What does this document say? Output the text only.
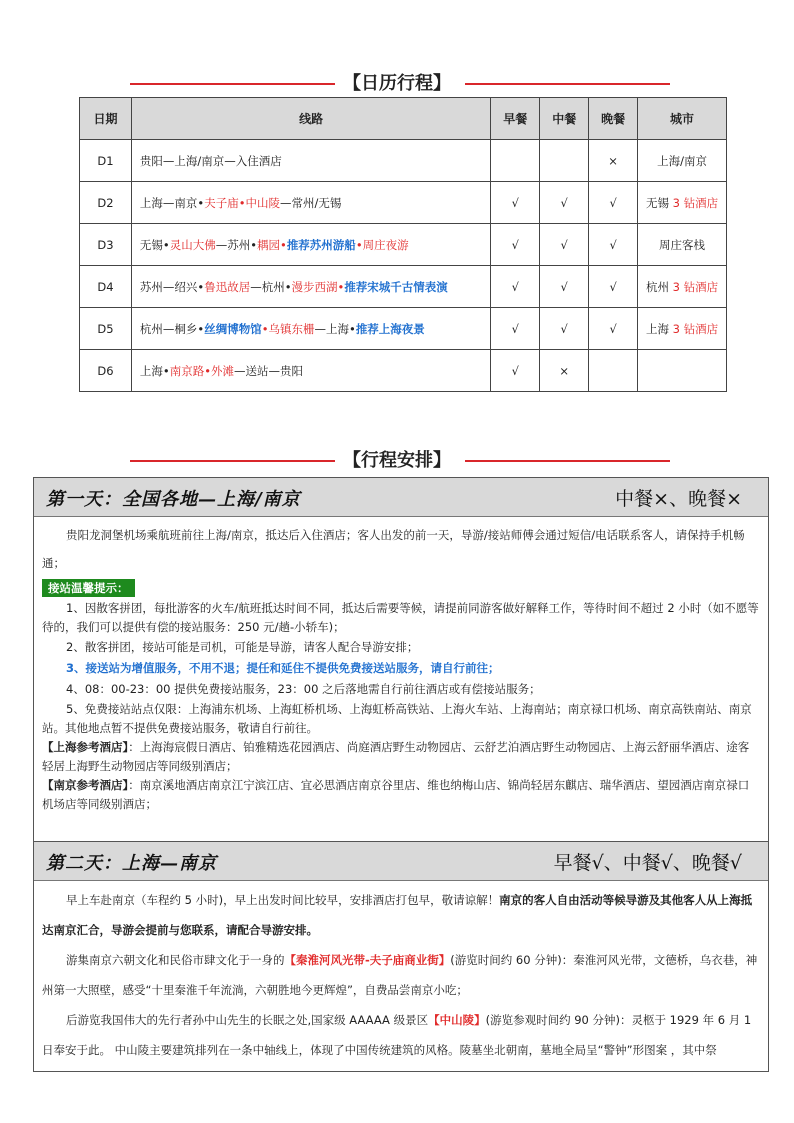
【日历行程】
日期	线路	早餐	中餐	晚餐	城市
D1	贵阳—上海/南京—入住酒店			×	上海/南京
D2	上海—南京•夫子庙•中山陵—常州/无锡	√	√	√	无锡 3 钻酒店
D3	无锡•灵山大佛—苏州•耦园•推荐苏州游船•周庄夜游	√	√	√	周庄客栈
D4	苏州—绍兴•鲁迅故居—杭州•漫步西湖•推荐宋城千古情表演	√	√	√	杭州 3 钻酒店
D5	杭州—桐乡•丝绸博物馆•乌镇东栅—上海•推荐上海夜景	√	√	√	上海 3 钻酒店
D6	上海•南京路•外滩—送站—贵阳	√	×		
【行程安排】
第一天：全国各地—上海/南京	中餐×、晚餐×

贵阳龙洞堡机场乘航班前往上海/南京，抵达后入住酒店；客人出发的前一天，导游/接站师傅会通过短信/电话联系客人，请保持手机畅通；

接站温馨提示：

1、因散客拼团，每批游客的火车/航班抵达时间不同，抵达后需要等候，请提前同游客做好解释工作，等待时间不超过 2 小时（如不愿等待的，我们可以提供有偿的接站服务：250 元/趟-小轿车)；

2、散客拼团，接站可能是司机，可能是导游，请客人配合导游安排；

3、接送站为增值服务，不用不退；提任和延住不提供免费接送站服务，请自行前往；

4、08：00-23：00 提供免费接站服务，23：00 之后落地需自行前往酒店或有偿接站服务；

5、免费接站站点仅限：上海浦东机场、上海虹桥机场、上海虹桥高铁站、上海火车站、上海南站；南京禄口机场、南京高铁南站、南京站。其他地点暂不提供免费接站服务，敬请自行前往。

【上海参考酒店】：上海海宸假日酒店、铂雅精选花园酒店、尚庭酒店野生动物园店、云舒艺泊酒店野生动物园店、上海云舒丽华酒店、途客轻居上海野生动物园店等同级别酒店；

【南京参考酒店】：南京溪地酒店南京江宁滨江店、宜必思酒店南京谷里店、维也纳梅山店、锦尚轻居东麒店、瑞华酒店、望园酒店南京禄口机场店等同级别酒店；

第二天：上海—南京	早餐√、中餐√、晚餐√

早上车赴南京（车程约 5 小时)，早上出发时间比较早，安排酒店打包早，敬请谅解！南京的客人自由活动等候导游及其他客人从上海抵达南京汇合，导游会提前与您联系，请配合导游安排。

游集南京六朝文化和民俗市肆文化于一身的【秦淮河风光带-夫子庙商业街】(游览时间约 60 分钟)：秦淮河风光带，文德桥，乌衣巷，神州第一大照壁，感受“十里秦淮千年流淌，六朝胜地今更辉煌”，自费品尝南京小吃；

后游览我国伟大的先行者孙中山先生的长眠之处,国家级 AAAAA 级景区【中山陵】(游览参观时间约 90 分钟)：灵柩于 1929 年 6 月 1 日奉安于此。 中山陵主要建筑排列在一条中轴线上，体现了中国传统建筑的风格。陵墓坐北朝南，墓地全局呈“警钟”形图案 ，其中祭
